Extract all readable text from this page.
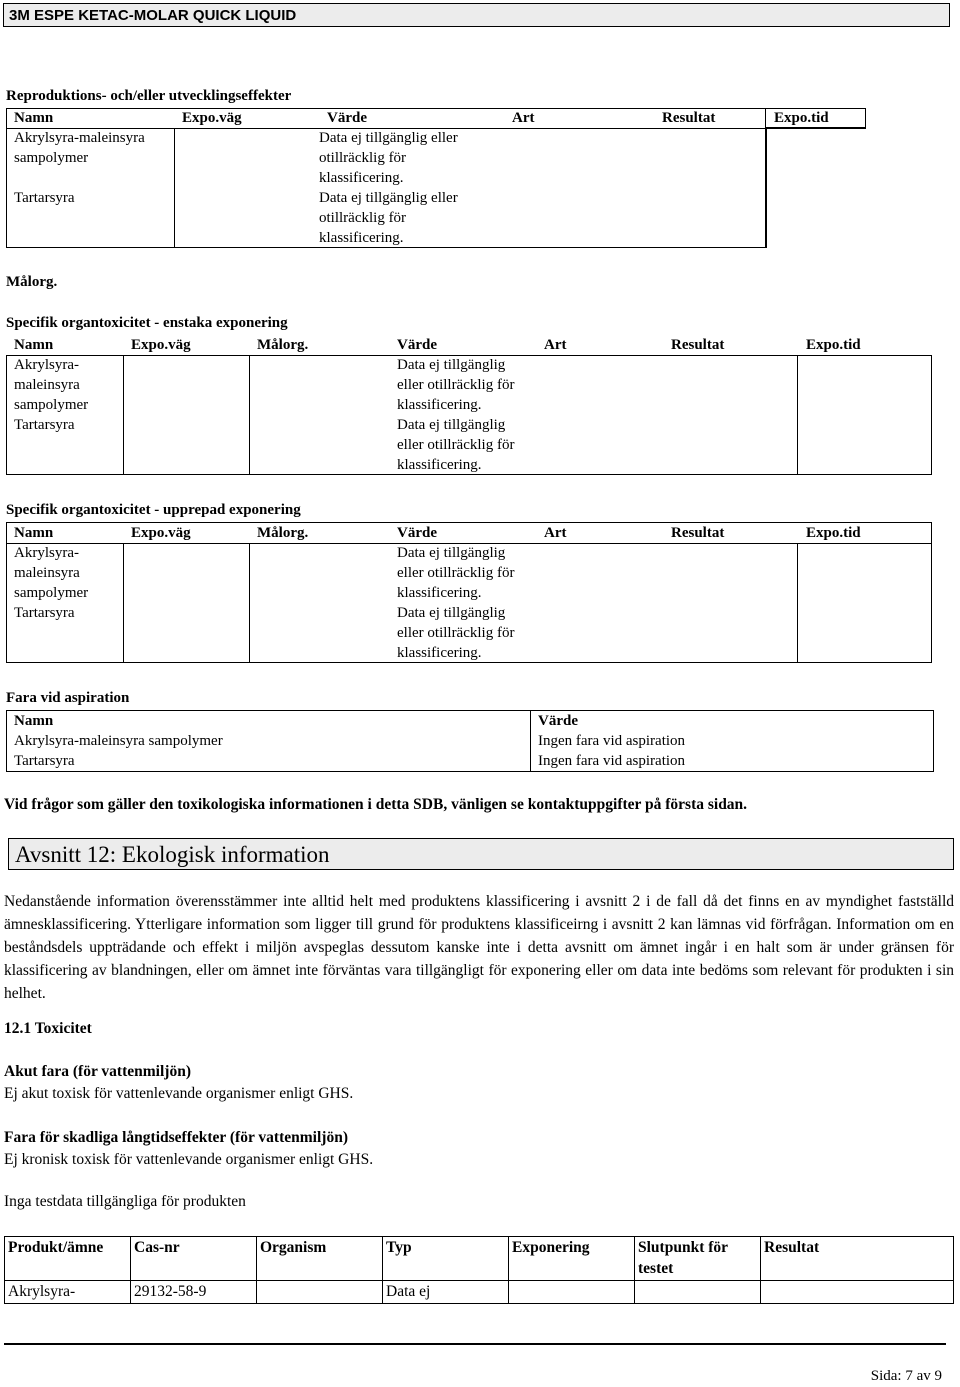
3M ESPE KETAC-MOLAR QUICK LIQUID
Reproduktions- och/eller utvecklingseffekter
Namn	Expo.väg	Värde	Art	Resultat	Expo.tid
Akrylsyra-maleinsyra sampolymer		Data ej tillgänglig eller otillräcklig för klassificering.			

Tartarsyra		Data ej tillgänglig eller otillräcklig för klassificering.			

Målorg.
Specifik organtoxicitet - enstaka exponering
Namn	Expo.väg	Målorg.	Värde	Art	Resultat	Expo.tid

Akrylsyra-maleinsyra sampolymer			Data ej tillgänglig eller otillräcklig för klassificering.			

Tartarsyra			Data ej tillgänglig eller otillräcklig för klassificering.			

Specifik organtoxicitet - upprepad exponering
Namn	Expo.väg	Målorg.	Värde	Art	Resultat	Expo.tid

Akrylsyra-maleinsyra sampolymer			Data ej tillgänglig eller otillräcklig för klassificering.			

Tartarsyra			Data ej tillgänglig eller otillräcklig för klassificering.			

Fara vid aspiration
Namn	Värde
Akrylsyra-maleinsyra sampolymer	Ingen fara vid aspiration
Tartarsyra	Ingen fara vid aspiration
Vid frågor som gäller den toxikologiska informationen i detta SDB, vänligen se kontaktuppgifter på första sidan.
Avsnitt 12: Ekologisk information
Nedanstående information överensstämmer inte alltid helt med produktens klassificering i avsnitt 2 i de fall då det finns en av myndighet fastställd ämnesklassificering. Ytterligare information som ligger till grund för produktens klassificeirng i avsnitt 2 kan lämnas vid förfrågan. Information om en beståndsdels uppträdande och effekt i miljön avspeglas dessutom kanske inte i detta avsnitt om ämnet ingår i en halt som är under gränsen för klassificering av blandningen, eller om ämnet inte förväntas vara tillgängligt för exponering eller om data inte bedöms som relevant för produkten i sin helhet.
12.1 Toxicitet
Akut fara (för vattenmiljön)
Ej akut toxisk för vattenlevande organismer enligt GHS.
Fara för skadliga långtidseffekter (för vattenmiljön)
Ej kronisk toxisk för vattenlevande organismer enligt GHS.
Inga testdata tillgängliga för produkten
Produkt/ämne	Cas-nr	Organism	Typ	Exponering	Slutpunkt för testet	Resultat
Akrylsyra-	29132-58-9		Data ej			
Sida: 7 av 9
